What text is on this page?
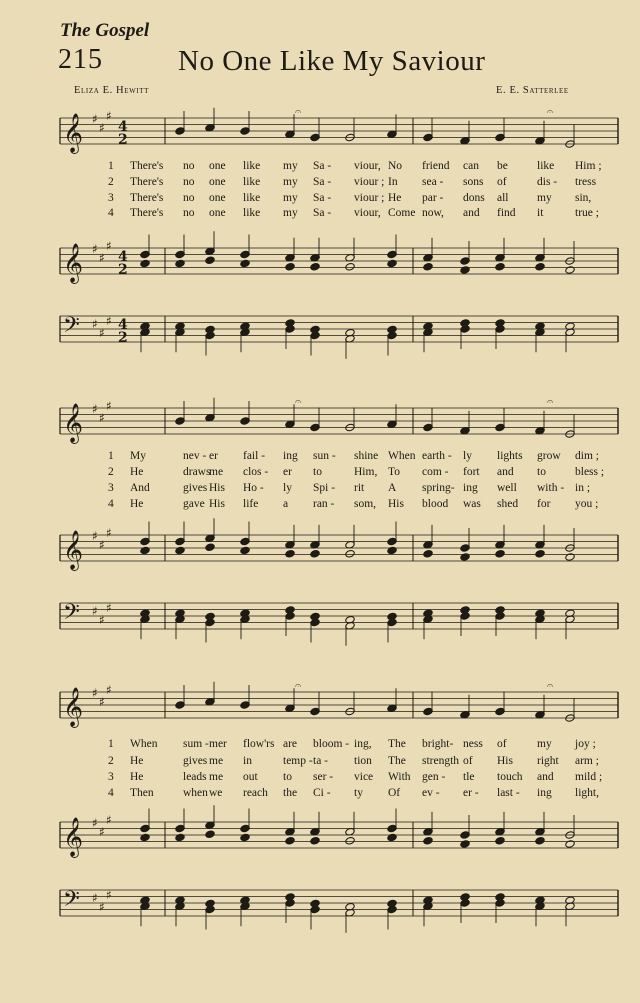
The Gospel
215	No One Like My Saviour
Eliza E. Hewitt	E. E. Satterlee
𝄞 ♯
♯
♯
4
2
𝄐	𝄐
𝄞 ♯
♯
♯
4
2
𝄢 ♯
♯
♯ 4
2
𝄞 ♯
♯
♯	𝄐	𝄐
𝄞 ♯
♯
♯
𝄢 ♯
♯
♯
𝄞 ♯
♯
♯	𝄐	𝄐
𝄞 ♯
♯
♯
𝄢 ♯
♯
♯
1	There's no one like my Sa - viour, No friend can be	like Him ;
2	There's no one like my Sa - viour ; In sea - sons of	dis - tress
3	There's no one like my Sa - viour ; He par - dons all my sin,
4	There's no one like my Sa - viour, Come now, and find it	true ;
1	My	nev - er fail - ing sun - shine When earth - ly lights grow dim ;
2	He	draws
me clos - er to	Him, To com - fort and to	bless ;
3	And	gives His Ho - ly Spi - rit A spring- ing well with - in ;
4	He	gave His life a ran - som, His blood was shed for you ;
1	When sum - mer flow'rs are bloom - ing, The bright- ness of	my joy ;
2	He	gives me in	temp - ta - tion The strength of His right arm ;
3	He	leads me out to ser - vice With gen - tle touch and mild ;
4	Then	when we reach the Ci - ty Of ev - er - last - ing light,
